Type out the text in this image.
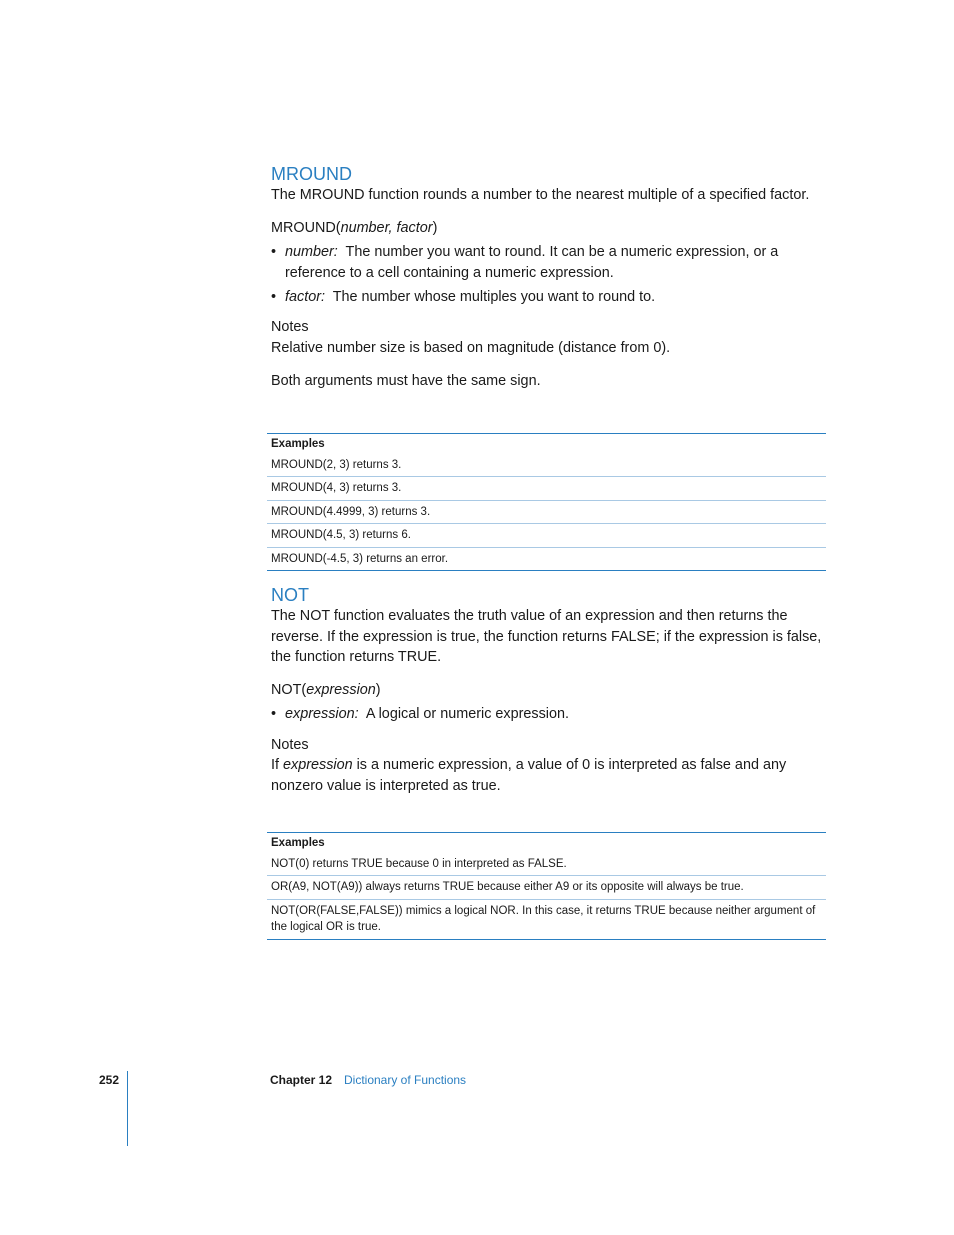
MROUND

The MROUND function rounds a number to the nearest multiple of a specified factor.

MROUND(number, factor)
• number: The number you want to round. It can be a numeric expression, or a reference to a cell containing a numeric expression.
• factor: The number whose multiples you want to round to.
Notes

Relative number size is based on magnitude (distance from 0).

Both arguments must have the same sign.

Examples
MROUND(2, 3) returns 3.
MROUND(4, 3) returns 3.
MROUND(4.4999, 3) returns 3.
MROUND(4.5, 3) returns 6.
MROUND(-4.5, 3) returns an error.
NOT

The NOT function evaluates the truth value of an expression and then returns the reverse. If the expression is true, the function returns FALSE; if the expression is false, the function returns TRUE.

NOT(expression)
• expression: A logical or numeric expression.
Notes

If expression is a numeric expression, a value of 0 is interpreted as false and any nonzero value is interpreted as true.

Examples
NOT(0) returns TRUE because 0 in interpreted as FALSE.
OR(A9, NOT(A9)) always returns TRUE because either A9 or its opposite will always be true.
NOT(OR(FALSE,FALSE)) mimics a logical NOR. In this case, it returns TRUE because neither argument of the logical OR is true.
252	Chapter 12 Dictionary of Functions
